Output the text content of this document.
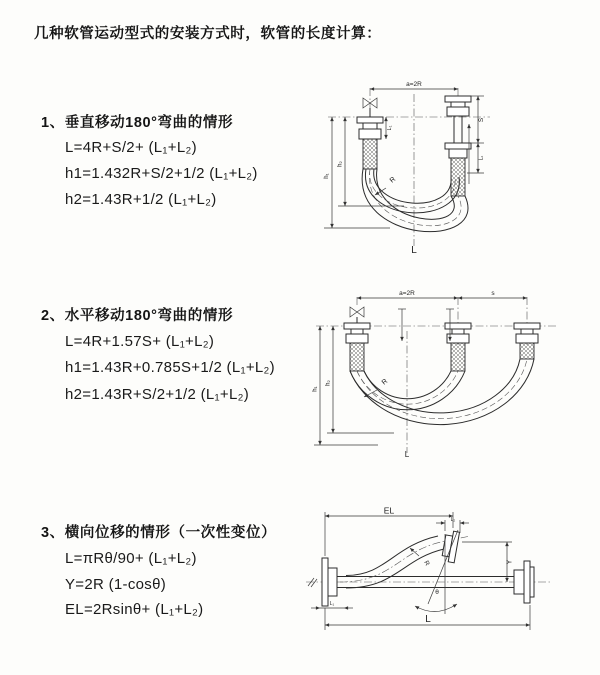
几种软管运动型式的安装方式时，软管的长度计算：
1、垂直移动180°弯曲的情形
L=4R+S/2+ (L₁+L₂)
h1=1.432R+S/2+1/2 (L₁+L₂)
h2=1.43R+1/2 (L₁+L₂)
2、水平移动180°弯曲的情形
L=4R+1.57S+ (L₁+L₂)
h1=1.43R+0.785S+1/2 (L₁+L₂)
h2=1.43R+S/2+1/2 (L₁+L₂)
3、横向位移的情形（一次性变位）
L=πRθ/90+ (L₁+L₂)
Y=2R (1-cosθ)
EL=2Rsinθ+ (L₁+L₂)
a=2R
L₁
S
L₂
R
h₁
h₂
L
a=2R	s
R
h₁
h₂
L
EL
L₂
Y
θ
R
L₁
L
